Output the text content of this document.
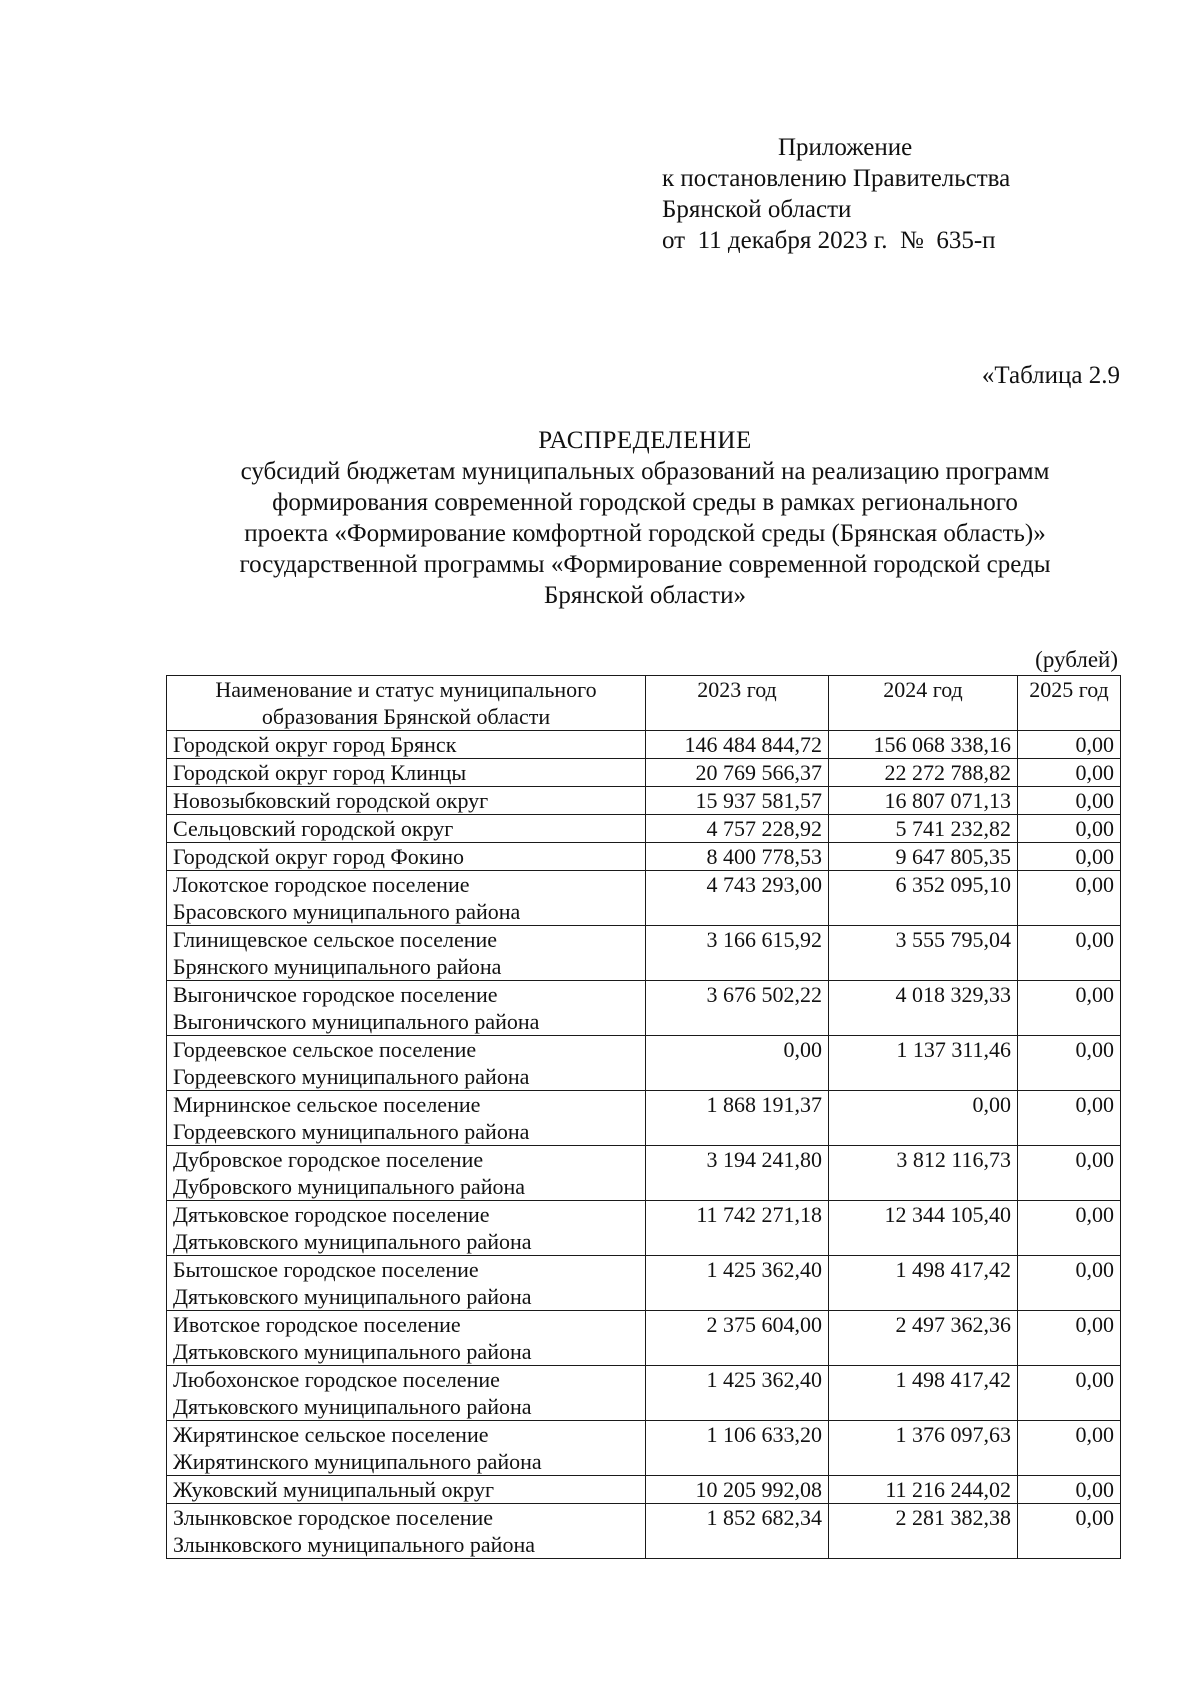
Приложение
к постановлению Правительства
Брянской области
от  11 декабря 2023 г.  №  635-п
«Таблица 2.9
РАСПРЕДЕЛЕНИЕ
субсидий бюджетам муниципальных образований на реализацию программ
формирования современной городской среды в рамках регионального
проекта «Формирование комфортной городской среды (Брянская область)»
государственной программы «Формирование современной городской среды
Брянской области»
(рублей)
Наименование и статус муниципального
образования Брянской области	2023 год	2024 год	2025 год

Городской округ город Брянск	146 484 844,72	156 068 338,16	0,00

Городской округ город Клинцы	20 769 566,37	22 272 788,82	0,00

Новозыбковский городской округ	15 937 581,57	16 807 071,13	0,00

Сельцовский городской округ	4 757 228,92	5 741 232,82	0,00

Городской округ город Фокино	8 400 778,53	9 647 805,35	0,00

Локотское городское поселение
Брасовского муниципального района	4 743 293,00	6 352 095,10	0,00

Глинищевское сельское поселение
Брянского муниципального района	3 166 615,92	3 555 795,04	0,00

Выгоничское городское поселение
Выгоничского муниципального района	3 676 502,22	4 018 329,33	0,00

Гордеевское сельское поселение
Гордеевского муниципального района	0,00	1 137 311,46	0,00

Мирнинское сельское поселение
Гордеевского муниципального района	1 868 191,37	0,00	0,00

Дубровское городское поселение
Дубровского муниципального района	3 194 241,80	3 812 116,73	0,00

Дятьковское городское поселение
Дятьковского муниципального района	11 742 271,18	12 344 105,40	0,00

Бытошское городское поселение
Дятьковского муниципального района	1 425 362,40	1 498 417,42	0,00

Ивотское городское поселение
Дятьковского муниципального района	2 375 604,00	2 497 362,36	0,00

Любохонское городское поселение
Дятьковского муниципального района	1 425 362,40	1 498 417,42	0,00

Жирятинское сельское поселение
Жирятинского муниципального района	1 106 633,20	1 376 097,63	0,00

Жуковский муниципальный округ	10 205 992,08	11 216 244,02	0,00

Злынковское городское поселение
Злынковского муниципального района	1 852 682,34	2 281 382,38	0,00
